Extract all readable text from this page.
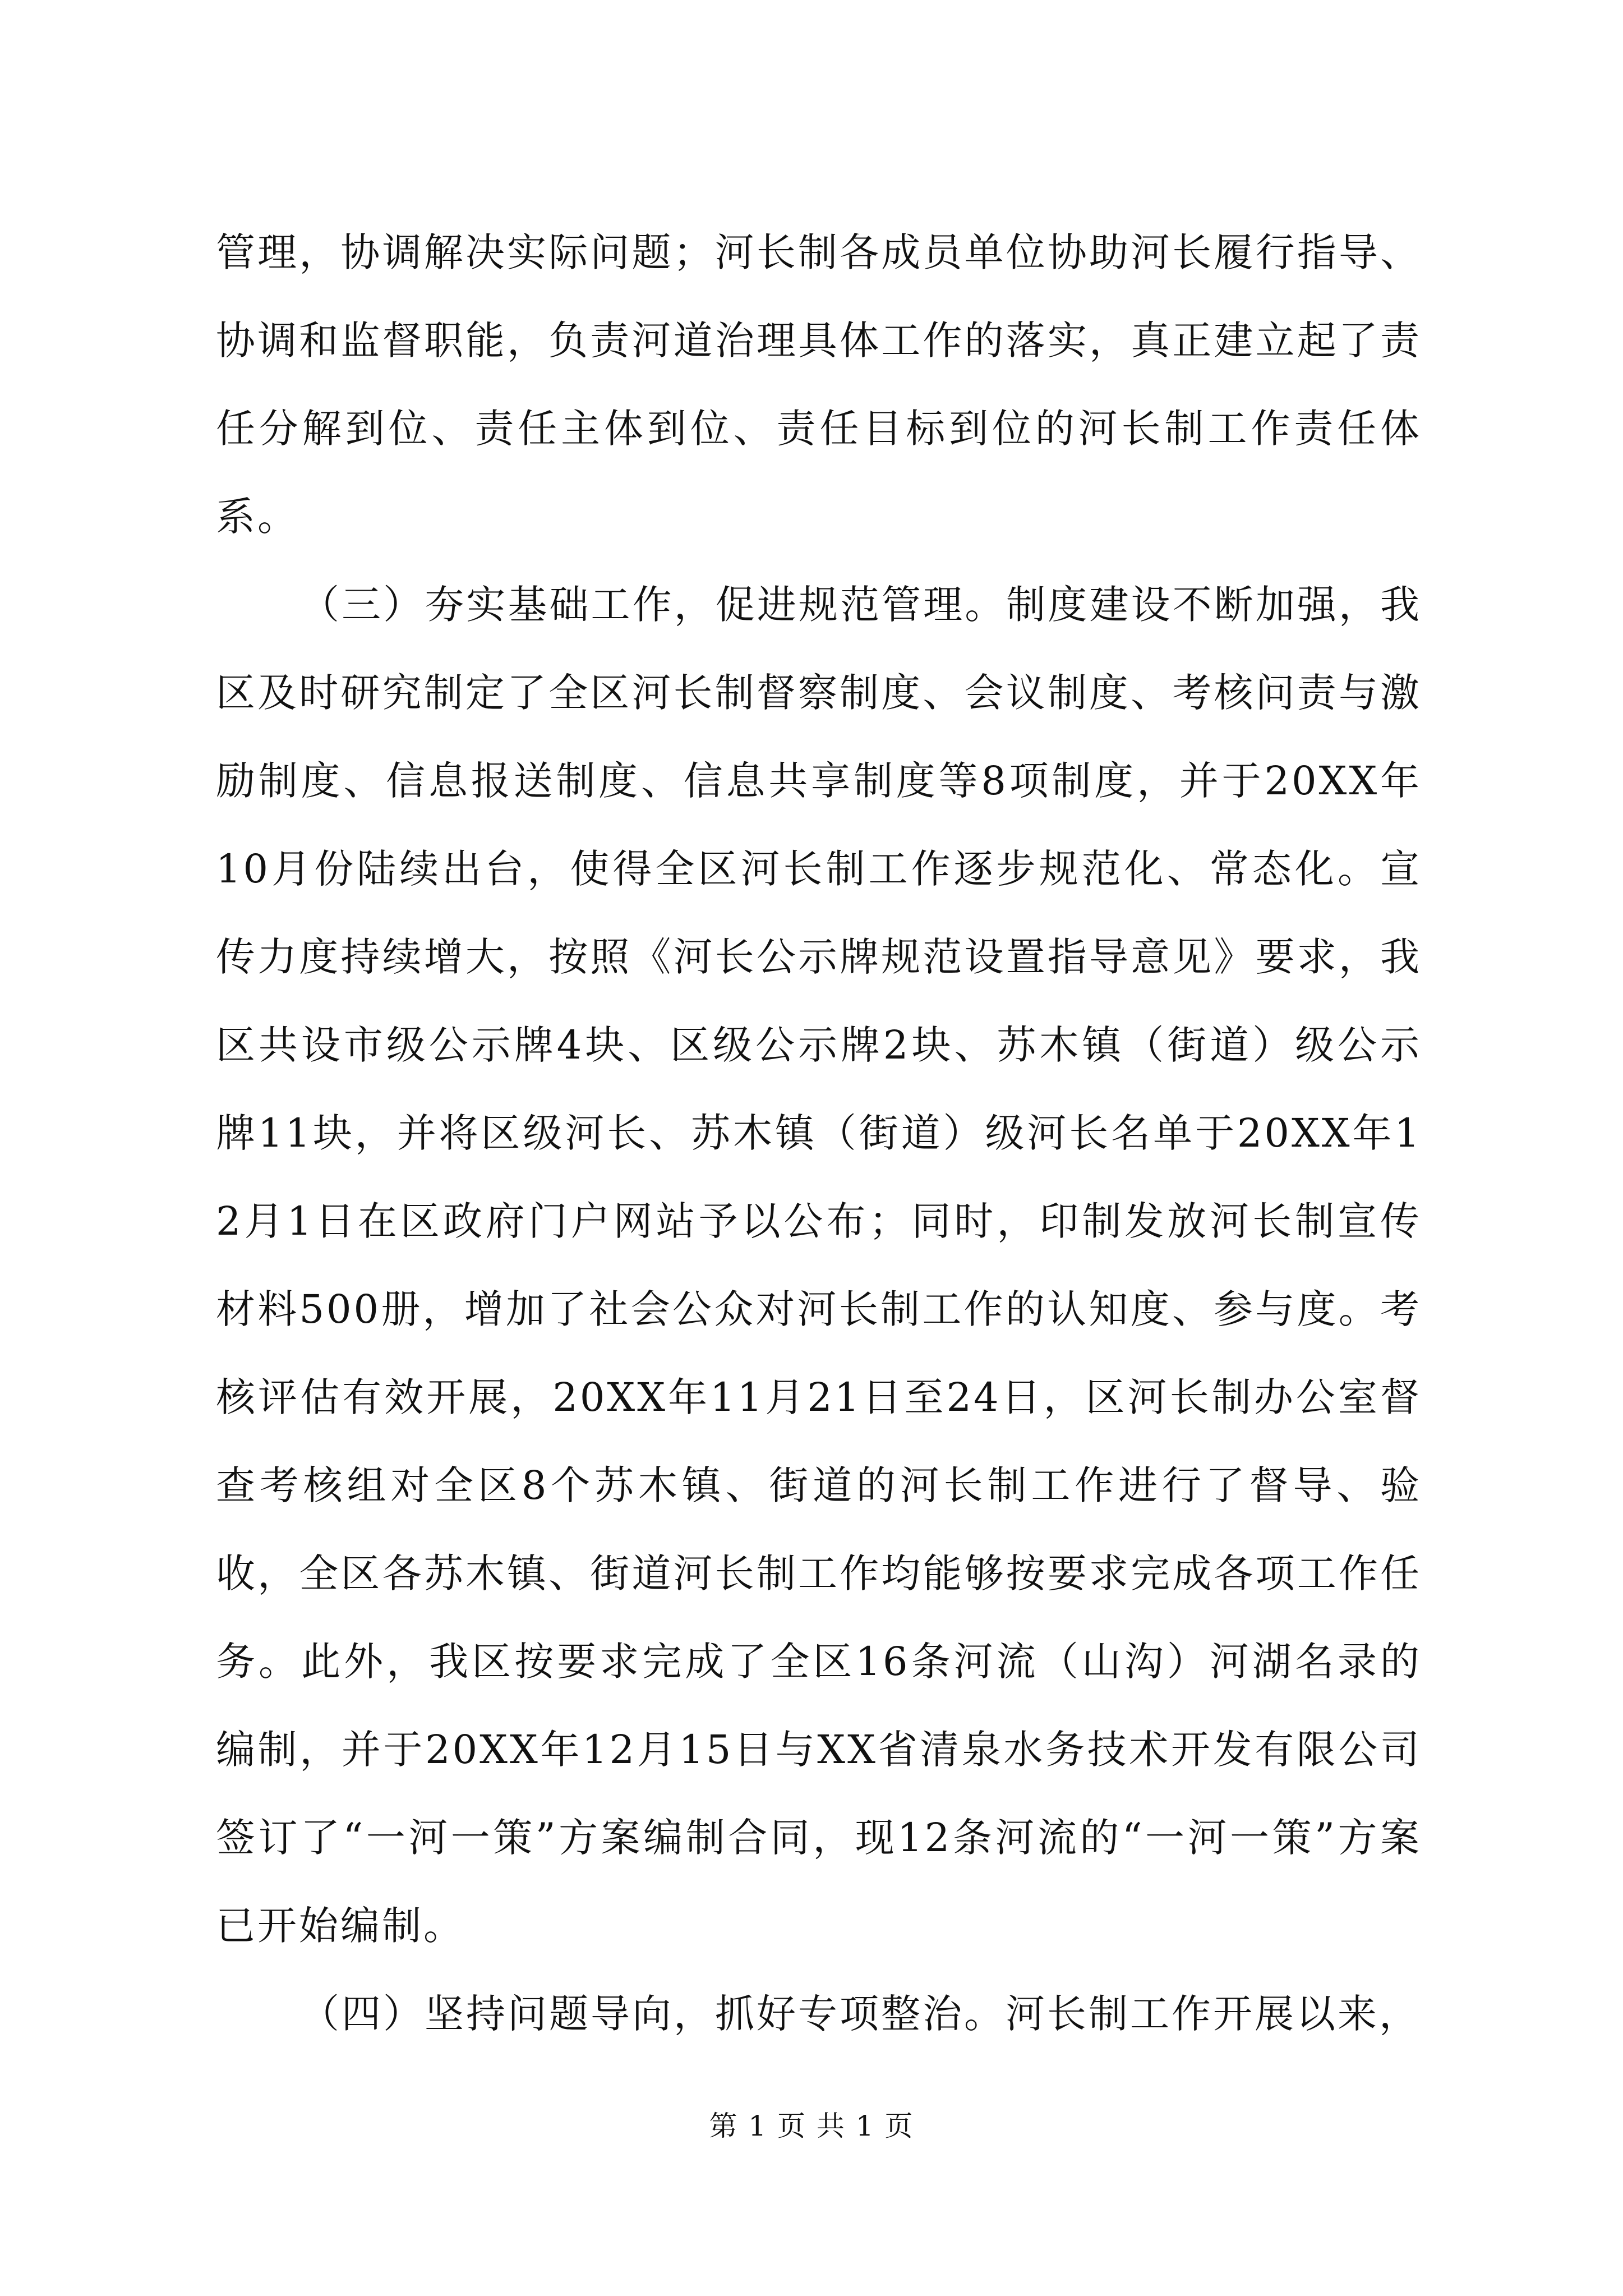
管理，协调解决实际问题；河长制各成员单位协助河长履行指导、协调和监督职能，负责河道治理具体工作的落实，真正建立起了责任分解到位、责任主体到位、责任目标到位的河长制工作责任体系。

（三）夯实基础工作，促进规范管理。制度建设不断加强，我区及时研究制定了全区河长制督察制度、会议制度、考核问责与激励制度、信息报送制度、信息共享制度等8项制度，并于20XX年10月份陆续出台，使得全区河长制工作逐步规范化、常态化。宣传力度持续增大，按照《河长公示牌规范设置指导意见》要求，我区共设市级公示牌4块、区级公示牌2块、苏木镇（街道）级公示牌11块，并将区级河长、苏木镇（街道）级河长名单于20XX年12月1日在区政府门户网站予以公布；同时，印制发放河长制宣传材料500册，增加了社会公众对河长制工作的认知度、参与度。考核评估有效开展，20XX年11月21日至24日，区河长制办公室督查考核组对全区8个苏木镇、街道的河长制工作进行了督导、验收，全区各苏木镇、街道河长制工作均能够按要求完成各项工作任务。此外，我区按要求完成了全区16条河流（山沟）河湖名录的编制，并于20XX年12月15日与XX省清泉水务技术开发有限公司签订了“一河一策”方案编制合同，现12条河流的“一河一策”方案已开始编制。

（四）坚持问题导向，抓好专项整治。河长制工作开展以来，

第 1 页 共 1 页
